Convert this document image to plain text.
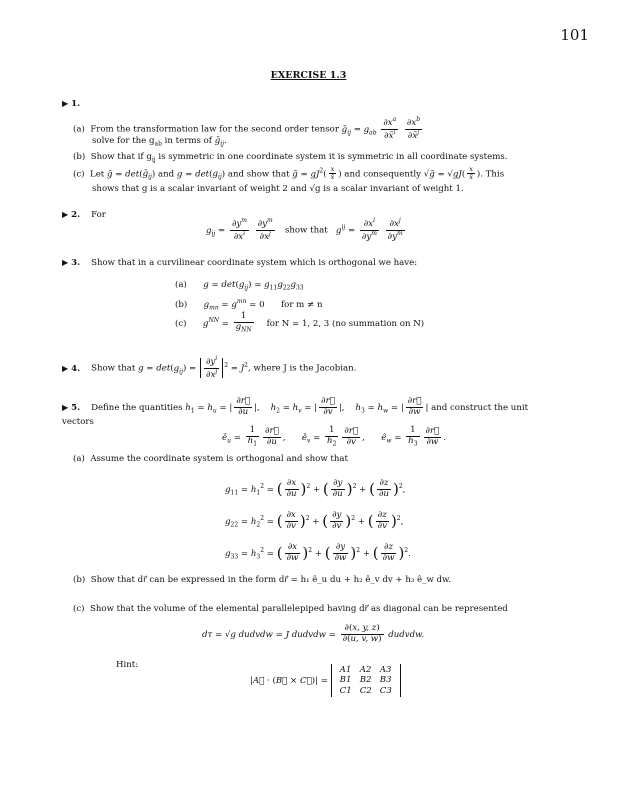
101
EXERCISE 1.3
▶ 1.
(a) From the transformation law for the second order tensor ḡ$_{ij}$ = $g_{ab} \frac{\partial x^a}{\partial x̄^i}$
$\frac{\partial x^b}{\partial x̄^j}$
solve for the $g_{ab}$ in terms of ḡ$_{ij}$.
(b) Show that if $g_{ij}$ is symmetric in one coordinate system it is symmetric in all coordinate systems.
(c) Let ḡ = det(ḡ$_{ij}$) and $g = \det(g_{ij})$ and show that ḡ = $gJ^2( \frac{x}{x̄}$ ) and consequently √ḡ = $√gJ( \frac{x}{x̄}$ ). This
shows that g is a scalar invariant of weight 2 and √g is a scalar invariant of weight 1.
▶ 2. For
$g_{ij} = \frac{\partial y^m}{\partial x^i}$
$\frac{\partial y^m}{\partial x^j}$ show that $g^{ij} = \frac{\partial x^i}{\partial y^m}$
$\frac{\partial x^j}{\partial y^m}$
▶ 3. Show that in a curvilinear coordinate system which is orthogonal we have:
(a) $g = \det(g_{ij}) = g_{11}g_{22}g_{33}$
(b) $g_{mn} = g^{mn} = 0$      for m ≠ n
(c) $g^{NN} = \frac{1}{g_{NN}}$ for N = 1, 2, 3 (no summation on N)
▶ 4. Show that $g = \det(g_{ij}) = \frac{\partial y^i}{\partial x^j} ^2 = J^2$, where J is the Jacobian.
▶ 5. Define the quantities $h_1 = h_u$ = | $\frac{\partial r⃗}{\partial u}$ |,    $h_2 = h_v$ = | $\frac{\partial r⃗}{\partial v}$ |,    $h_3 = h_w$ = | $\frac{\partial r⃗}{\partial w}$ | and construct the unit
vectors
$ê_u = \frac{1}{h_1} \frac{\partial r⃗}{\partial u}$ ,      $ê_v = \frac{1}{h_2} \frac{\partial r⃗}{\partial v}$ ,      $ê_w = \frac{1}{h_3} \frac{\partial r⃗}{\partial w}$ .
(a) Assume the coordinate system is orthogonal and show that
$g_{11} = h_1^2$ = ( $\frac{\partial x}{\partial u} )^2$ + ( $\frac{\partial y}{\partial u} )^2$ + ( $\frac{\partial z}{\partial u} )^2$,
$g_{22} = h_2^2$ = ( $\frac{\partial x}{\partial v} )^2$ + ( $\frac{\partial y}{\partial v} )^2$ + ( $\frac{\partial z}{\partial v} )^2$,
$g_{33} = h_3^2$ = ( $\frac{\partial x}{\partial w} )^2$ + ( $\frac{\partial y}{\partial w} )^2$ + ( $\frac{\partial z}{\partial w} )^2$.
(b) Show that dr⃗ can be expressed in the form dr⃗ = h₁ ê_u du + h₂ ê_v dv + h₃ ê_w dw.
(c) Show that the volume of the elemental parallelepiped having dr⃗ as diagonal can be represented
dτ = √g dudvdw = J dudvdw = $\frac{\partial(x, y, z)}{\partial(u, v, w)}$ dudvdw.
Hint:
|A⃗ · (B⃗ × C⃗)| =
A1	A2	A3
B1	B2	B3
C1	C2	C3
